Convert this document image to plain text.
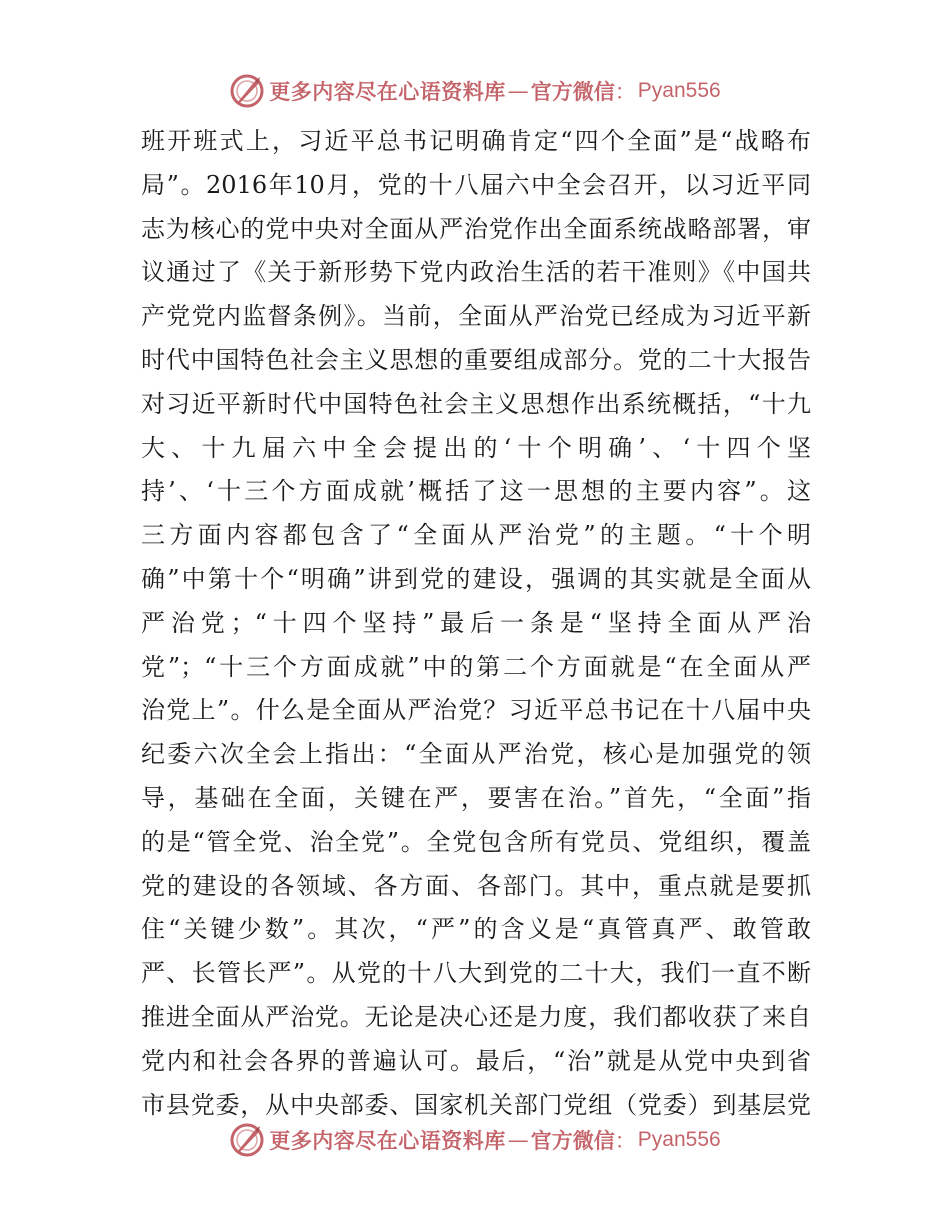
更多内容尽在心语资料库 — 官方微信 ： Pyan556
班开班式上，习近平总书记明确肯定“四个全面”是“战略布
局”。2016年10月，党的十八届六中全会召开，以习近平同
志为核心的党中央对全面从严治党作出全面系统战略部署，审
议通过了《关于新形势下党内政治生活的若干准则》《中国共
产党党内监督条例》。当前，全面从严治党已经成为习近平新
时代中国特色社会主义思想的重要组成部分。党的二十大报告
对习近平新时代中国特色社会主义思想作出系统概括，“十九
大、十九届六中全会提出的‘十个明确’、‘十四个坚
持’、‘十三个方面成就’概括了这一思想的主要内容”。这
三方面内容都包含了“全面从严治党”的主题。“十个明
确”中第十个“明确”讲到党的建设，强调的其实就是全面从
严治党；“十四个坚持”最后一条是“坚持全面从严治
党”；“十三个方面成就”中的第二个方面就是“在全面从严
治党上”。什么是全面从严治党？习近平总书记在十八届中央
纪委六次全会上指出：“全面从严治党，核心是加强党的领
导，基础在全面，关键在严，要害在治。”首先，“全面”指
的是“管全党、治全党”。全党包含所有党员、党组织，覆盖
党的建设的各领域、各方面、各部门。其中，重点就是要抓
住“关键少数”。其次，“严”的含义是“真管真严、敢管敢
严、长管长严”。从党的十八大到党的二十大，我们一直不断
推进全面从严治党。无论是决心还是力度，我们都收获了来自
党内和社会各界的普遍认可。最后，“治”就是从党中央到省
市县党委，从中央部委、国家机关部门党组（党委）到基层党
更多内容尽在心语资料库 — 官方微信 ： Pyan556
